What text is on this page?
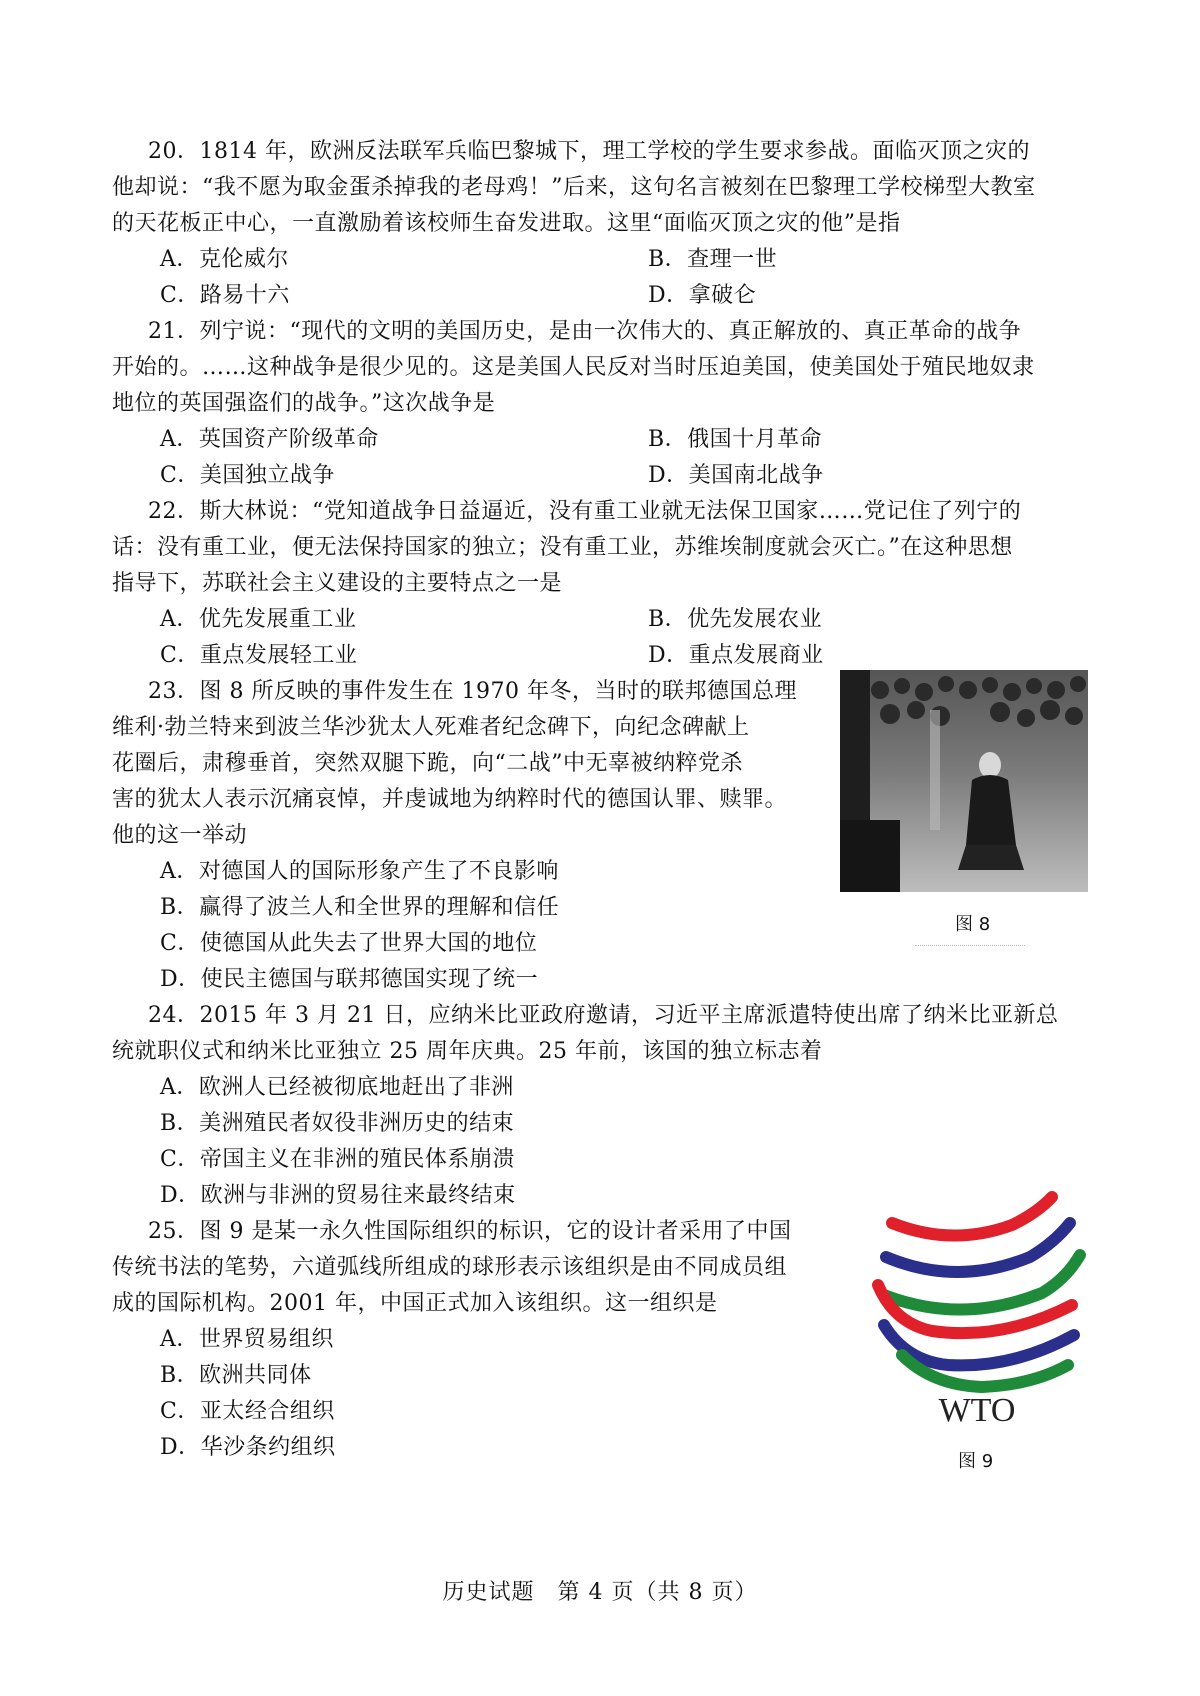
20．1814 年，欧洲反法联军兵临巴黎城下，理工学校的学生要求参战。面临灭顶之灾的
他却说：“我不愿为取金蛋杀掉我的老母鸡！”后来，这句名言被刻在巴黎理工学校梯型大教室
的天花板正中心，一直激励着该校师生奋发进取。这里“面临灭顶之灾的他”是指
A．克伦威尔	B．查理一世
C．路易十六	D．拿破仑
21．列宁说：“现代的文明的美国历史，是由一次伟大的、真正解放的、真正革命的战争
开始的。……这种战争是很少见的。这是美国人民反对当时压迫美国，使美国处于殖民地奴隶
地位的英国强盗们的战争。”这次战争是
A．英国资产阶级革命	B．俄国十月革命
C．美国独立战争	D．美国南北战争
22．斯大林说：“党知道战争日益逼近，没有重工业就无法保卫国家……党记住了列宁的
话：没有重工业，便无法保持国家的独立；没有重工业，苏维埃制度就会灭亡。”在这种思想
指导下，苏联社会主义建设的主要特点之一是
A．优先发展重工业	B．优先发展农业
C．重点发展轻工业	D．重点发展商业
23．图 8 所反映的事件发生在 1970 年冬，当时的联邦德国总理
维利·勃兰特来到波兰华沙犹太人死难者纪念碑下，向纪念碑献上
花圈后，肃穆垂首，突然双腿下跪，向“二战”中无辜被纳粹党杀
害的犹太人表示沉痛哀悼，并虔诚地为纳粹时代的德国认罪、赎罪。
他的这一举动
A．对德国人的国际形象产生了不良影响
B．赢得了波兰人和全世界的理解和信任
C．使德国从此失去了世界大国的地位
D．使民主德国与联邦德国实现了统一
图 8
24．2015 年 3 月 21 日，应纳米比亚政府邀请，习近平主席派遣特使出席了纳米比亚新总
统就职仪式和纳米比亚独立 25 周年庆典。25 年前，该国的独立标志着
A．欧洲人已经被彻底地赶出了非洲
B．美洲殖民者奴役非洲历史的结束
C．帝国主义在非洲的殖民体系崩溃
D．欧洲与非洲的贸易往来最终结束
25．图 9 是某一永久性国际组织的标识，它的设计者采用了中国
传统书法的笔势，六道弧线所组成的球形表示该组织是由不同成员组
成的国际机构。2001 年，中国正式加入该组织。这一组织是
A．世界贸易组织
B．欧洲共同体
C．亚太经合组织
D．华沙条约组织
WTO
图 9
历史试题　第 4 页（共 8 页）
